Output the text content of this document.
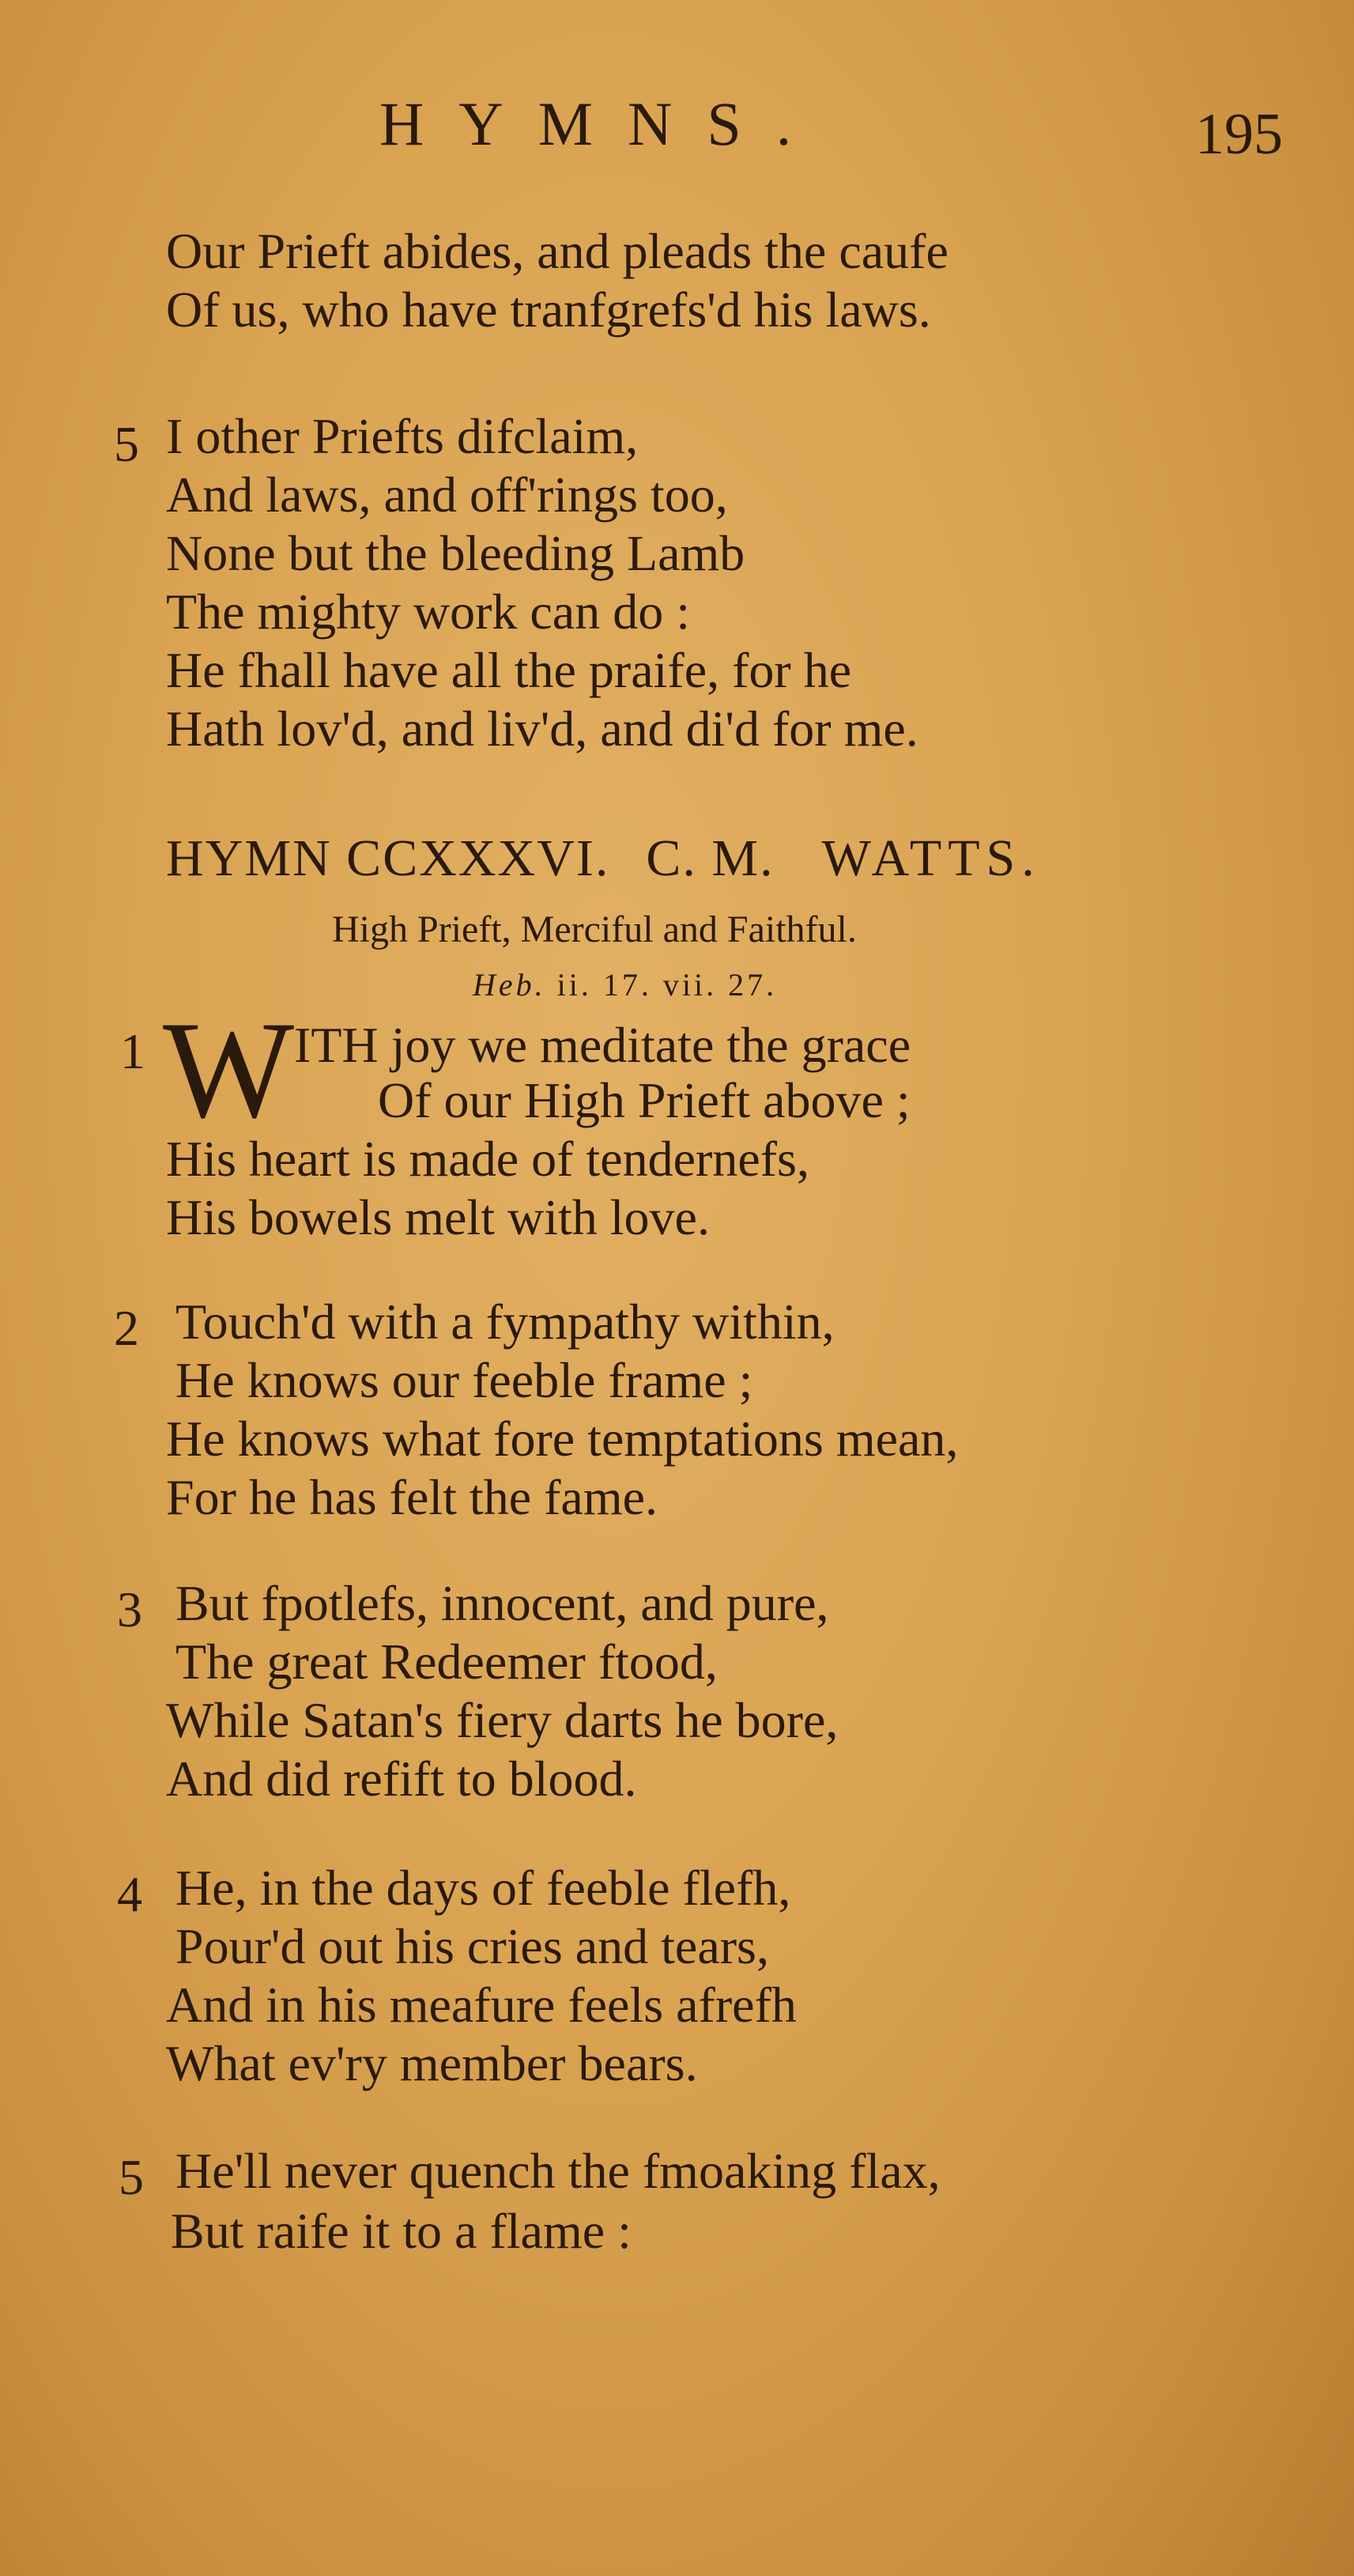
HYMNS.	195
Our Prieft abides, and pleads the caufe
Of us, who have tranfgrefs'd his laws.
5 I other Priefts difclaim,
And laws, and off'rings too,
None but the bleeding Lamb
The mighty work can do :
He fhall have all the praife, for he
Hath lov'd, and liv'd, and di'd for me.
HYMN CCXXXVI. C. M. WATTS.
High Prieft, Merciful and Faithful.
Heb. ii. 17. vii. 27.
1 W ITH joy we meditate the grace
Of our High Prieft above ;
His heart is made of tendernefs,
His bowels melt with love.
2 Touch'd with a fympathy within,
He knows our feeble frame ;
He knows what fore temptations mean,
For he has felt the fame.
3 But fpotlefs, innocent, and pure,
The great Redeemer ftood,
While Satan's fiery darts he bore,
And did refift to blood.
4 He, in the days of feeble flefh,
Pour'd out his cries and tears,
And in his meafure feels afrefh
What ev'ry member bears.
5 He'll never quench the fmoaking flax,
But raife it to a flame :
